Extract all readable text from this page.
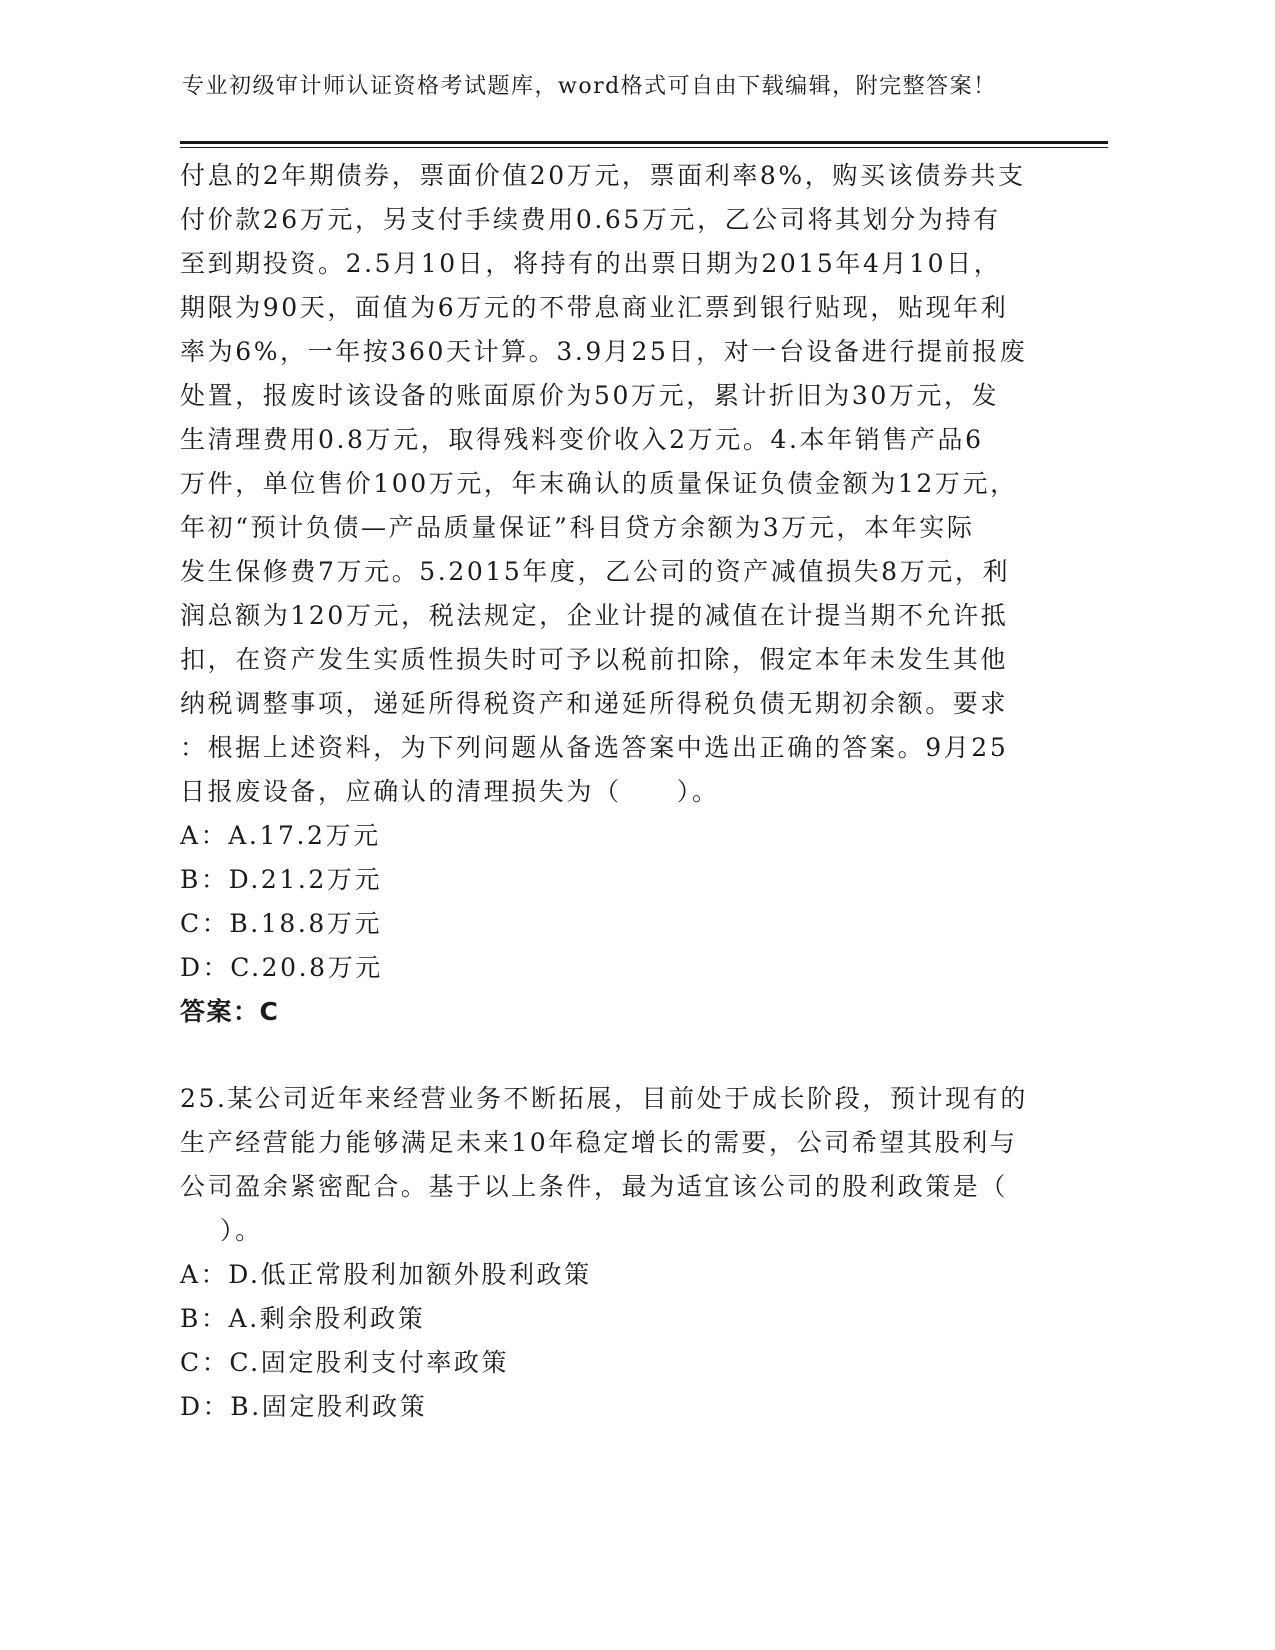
专业初级审计师认证资格考试题库，word格式可自由下载编辑，附完整答案！
付息的2年期债券，票面价值20万元，票面利率8%，购买该债券共支
付价款26万元，另支付手续费用0.65万元，乙公司将其划分为持有
至到期投资。2.5月10日，将持有的出票日期为2015年4月10日，
期限为90天，面值为6万元的不带息商业汇票到银行贴现，贴现年利
率为6%，一年按360天计算。3.9月25日，对一台设备进行提前报废
处置，报废时该设备的账面原价为50万元，累计折旧为30万元，发
生清理费用0.8万元，取得残料变价收入2万元。4.本年销售产品6
万件，单位售价100万元，年末确认的质量保证负债金额为12万元，
年初“预计负债—产品质量保证”科目贷方余额为3万元，本年实际
发生保修费7万元。5.2015年度，乙公司的资产减值损失8万元，利
润总额为120万元，税法规定，企业计提的减值在计提当期不允许抵
扣，在资产发生实质性损失时可予以税前扣除，假定本年未发生其他
纳税调整事项，递延所得税资产和递延所得税负债无期初余额。要求
：根据上述资料，为下列问题从备选答案中选出正确的答案。9月25
日报废设备，应确认的清理损失为（　　）。
A：A.17.2万元
B：D.21.2万元
C：B.18.8万元
D：C.20.8万元
答案：C
25.某公司近年来经营业务不断拓展，目前处于成长阶段，预计现有的
生产经营能力能够满足未来10年稳定增长的需要，公司希望其股利与
公司盈余紧密配合。基于以上条件，最为适宜该公司的股利政策是（
）。
A：D.低正常股利加额外股利政策
B：A.剩余股利政策
C：C.固定股利支付率政策
D：B.固定股利政策
